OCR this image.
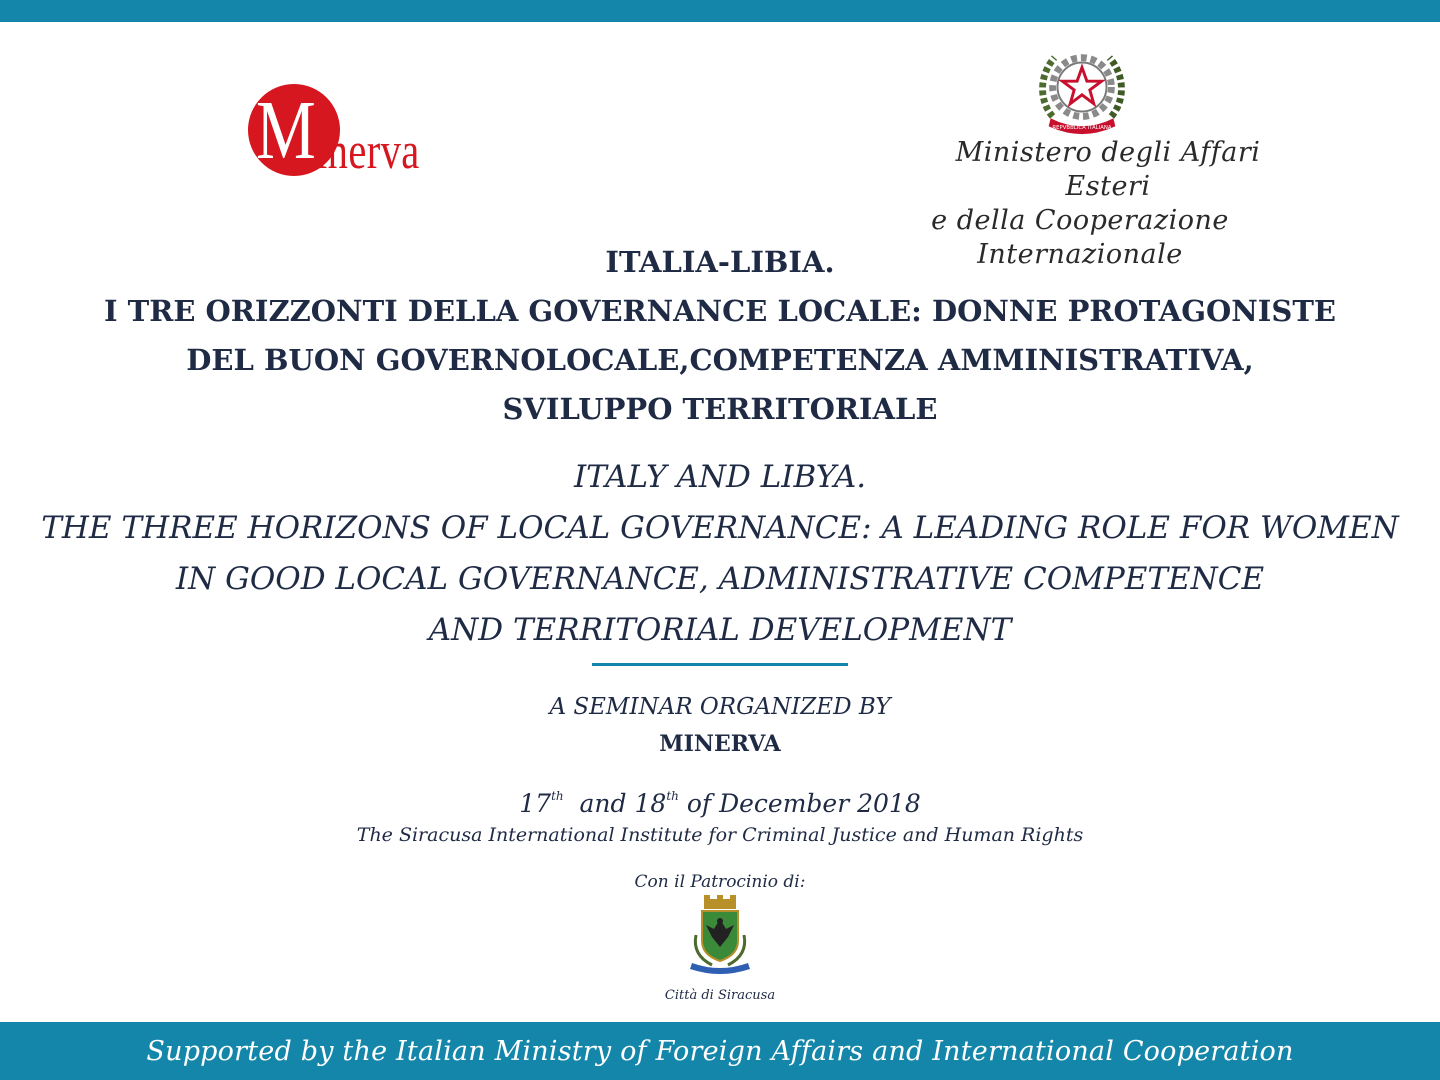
M inerva	REPVBBLICA ITALIANA
Ministero degli Affari Esteri
e della Cooperazione Internazionale
ITALIA-LIBIA.
I TRE ORIZZONTI DELLA GOVERNANCE LOCALE: DONNE PROTAGONISTE
DEL BUON GOVERNOLOCALE,COMPETENZA AMMINISTRATIVA,
SVILUPPO TERRITORIALE
ITALY AND LIBYA.
THE THREE HORIZONS OF LOCAL GOVERNANCE: A LEADING ROLE FOR WOMEN
IN GOOD LOCAL GOVERNANCE, ADMINISTRATIVE COMPETENCE
AND TERRITORIAL DEVELOPMENT
A SEMINAR ORGANIZED BY
MINERVA
17th and 18th of December 2018
The Siracusa International Institute for Criminal Justice and Human Rights
Con il Patrocinio di:
Città di Siracusa
Supported by the Italian Ministry of Foreign Affairs and International Cooperation
